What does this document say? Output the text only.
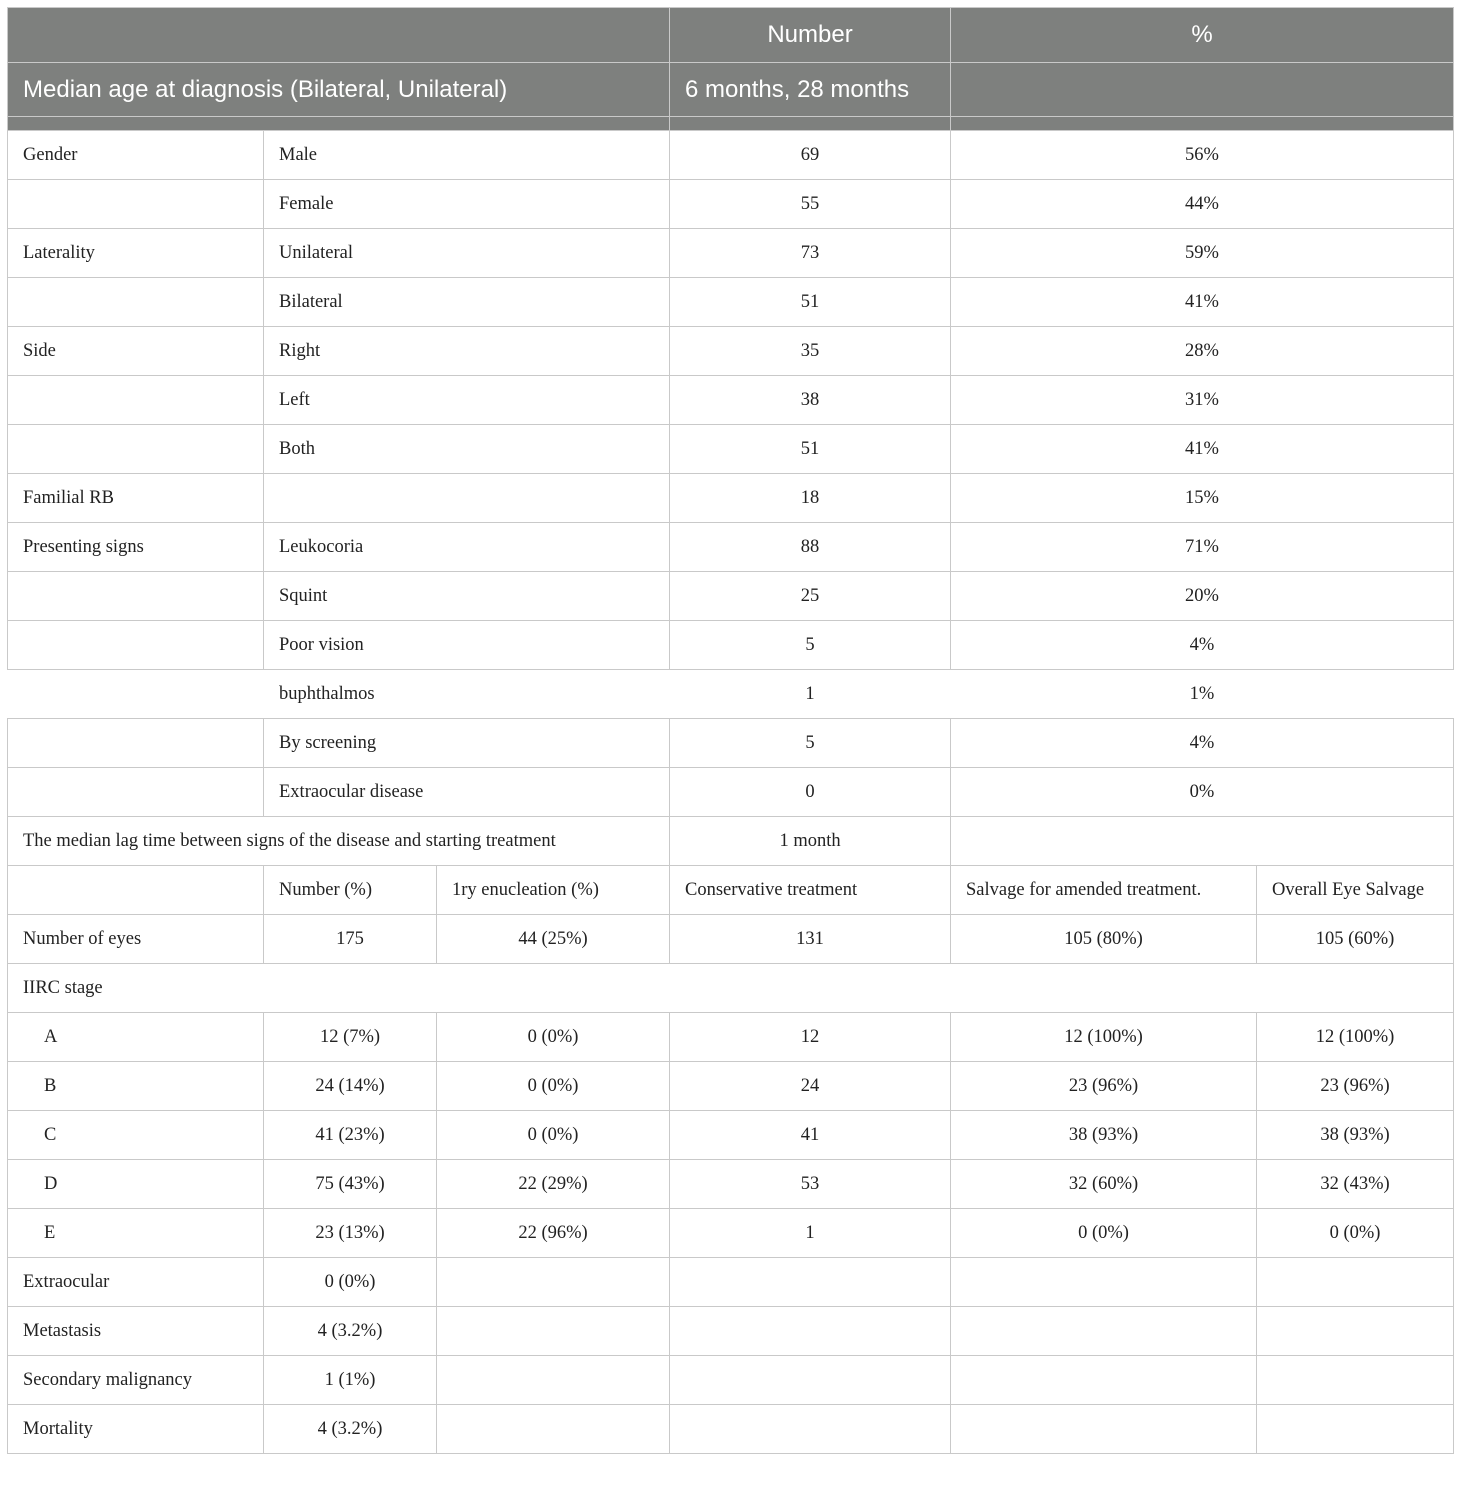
			Number	%	
Median age at diagnosis (Bilateral, Unilateral)			6 months, 28 months		

Gender	Male		69	56%	
	Female		55	44%	
Laterality	Unilateral		73	59%	
	Bilateral		51	41%	
Side	Right		35	28%	
	Left		38	31%	
	Both		51	41%	
Familial RB			18	15%	
Presenting signs	Leukocoria		88	71%	
	Squint		25	20%	
	Poor vision		5	4%	
	buphthalmos		1	1%	
	By screening		5	4%	
	Extraocular disease		0	0%	
The median lag time between signs of the disease and starting treatment			1 month		
	Number (%)	1ry enucleation (%)	Conservative treatment	Salvage for amended treatment.	Overall Eye Salvage
Number of eyes	175	44 (25%)	131	105 (80%)	105 (60%)
IIRC stage					
A	12 (7%)	0 (0%)	12	12 (100%)	12 (100%)
B	24 (14%)	0 (0%)	24	23 (96%)	23 (96%)
C	41 (23%)	0 (0%)	41	38 (93%)	38 (93%)
D	75 (43%)	22 (29%)	53	32 (60%)	32 (43%)
E	23 (13%)	22 (96%)	1	0 (0%)	0 (0%)
Extraocular	0 (0%)				
Metastasis	4 (3.2%)				
Secondary malignancy	1 (1%)				
Mortality	4 (3.2%)				
